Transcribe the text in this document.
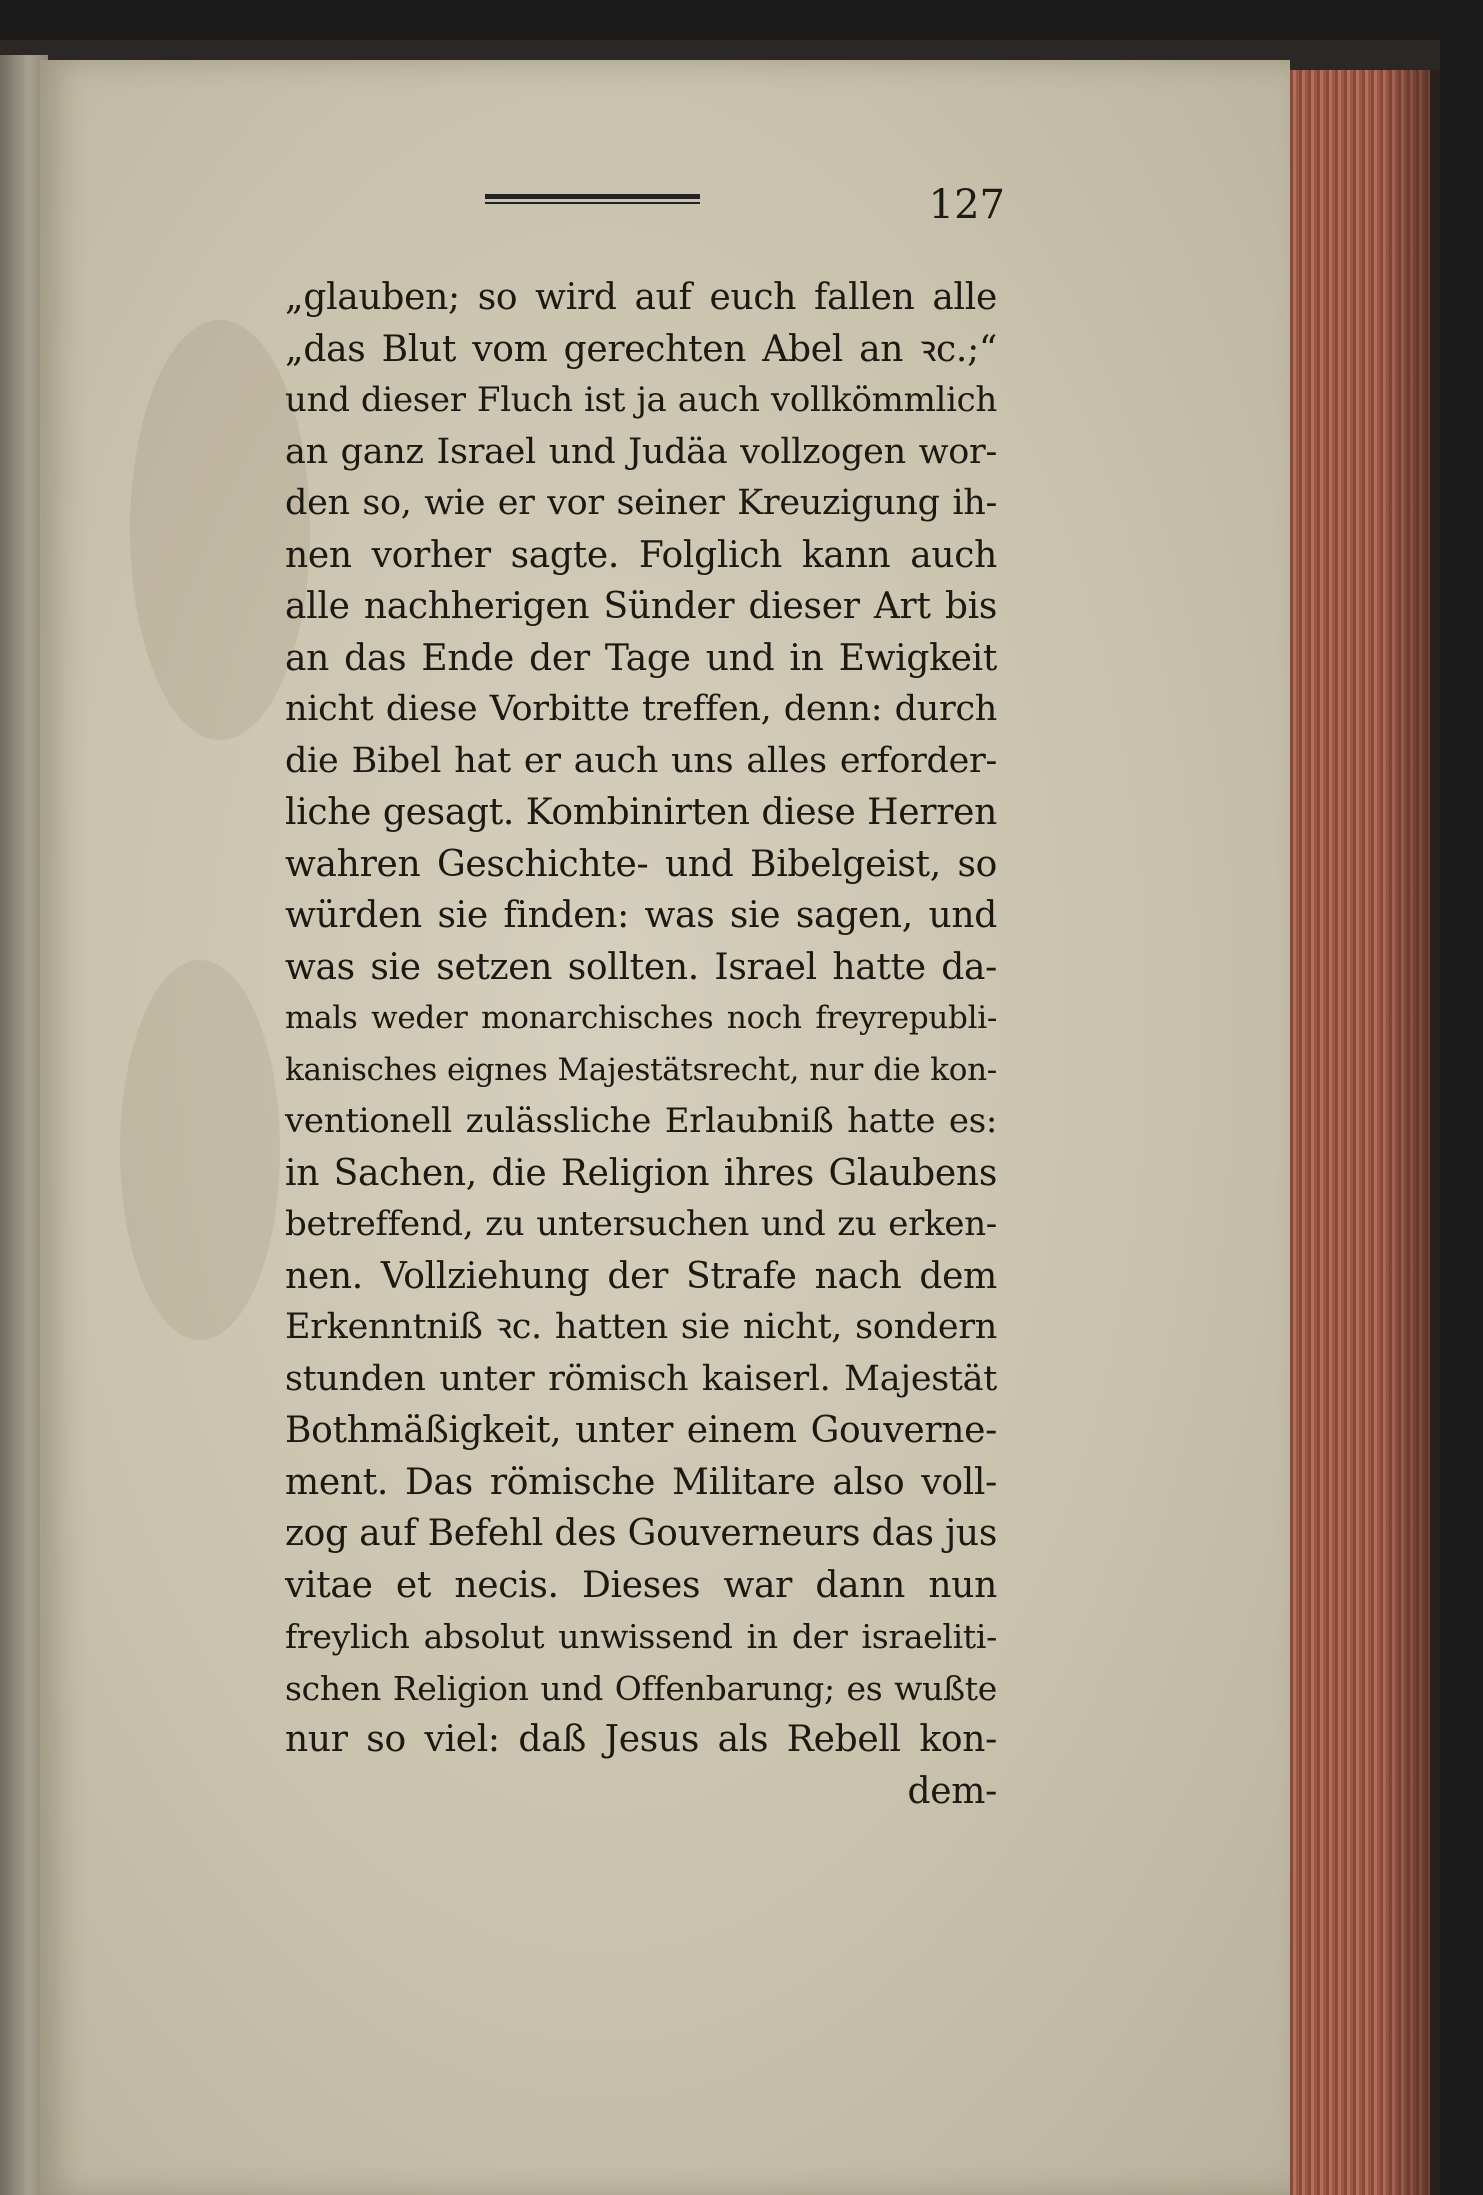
127
„glauben; so wird auf euch fallen alle
„das Blut vom gerechten Abel an ꝛc.;“
und dieser Fluch ist ja auch vollkömmlich
an ganz Israel und Judäa vollzogen wor-
den so, wie er vor seiner Kreuzigung ih-
nen vorher sagte. Folglich kann auch
alle nachherigen Sünder dieser Art bis
an das Ende der Tage und in Ewigkeit
nicht diese Vorbitte treffen, denn: durch
die Bibel hat er auch uns alles erforder-
liche gesagt. Kombinirten diese Herren
wahren Geschichte- und Bibelgeist, so
würden sie finden: was sie sagen, und
was sie setzen sollten. Israel hatte da-
mals weder monarchisches noch freyrepubli-
kanisches eignes Majestätsrecht, nur die kon-
ventionell zulässliche Erlaubniß hatte es:
in Sachen, die Religion ihres Glaubens
betreffend, zu untersuchen und zu erken-
nen. Vollziehung der Strafe nach dem
Erkenntniß ꝛc. hatten sie nicht, sondern
stunden unter römisch kaiserl. Majestät
Bothmäßigkeit, unter einem Gouverne-
ment. Das römische Militare also voll-
zog auf Befehl des Gouverneurs das jus
vitae et necis. Dieses war dann nun
freylich absolut unwissend in der israeliti-
schen Religion und Offenbarung; es wußte
nur so viel: daß Jesus als Rebell kon-
dem-
